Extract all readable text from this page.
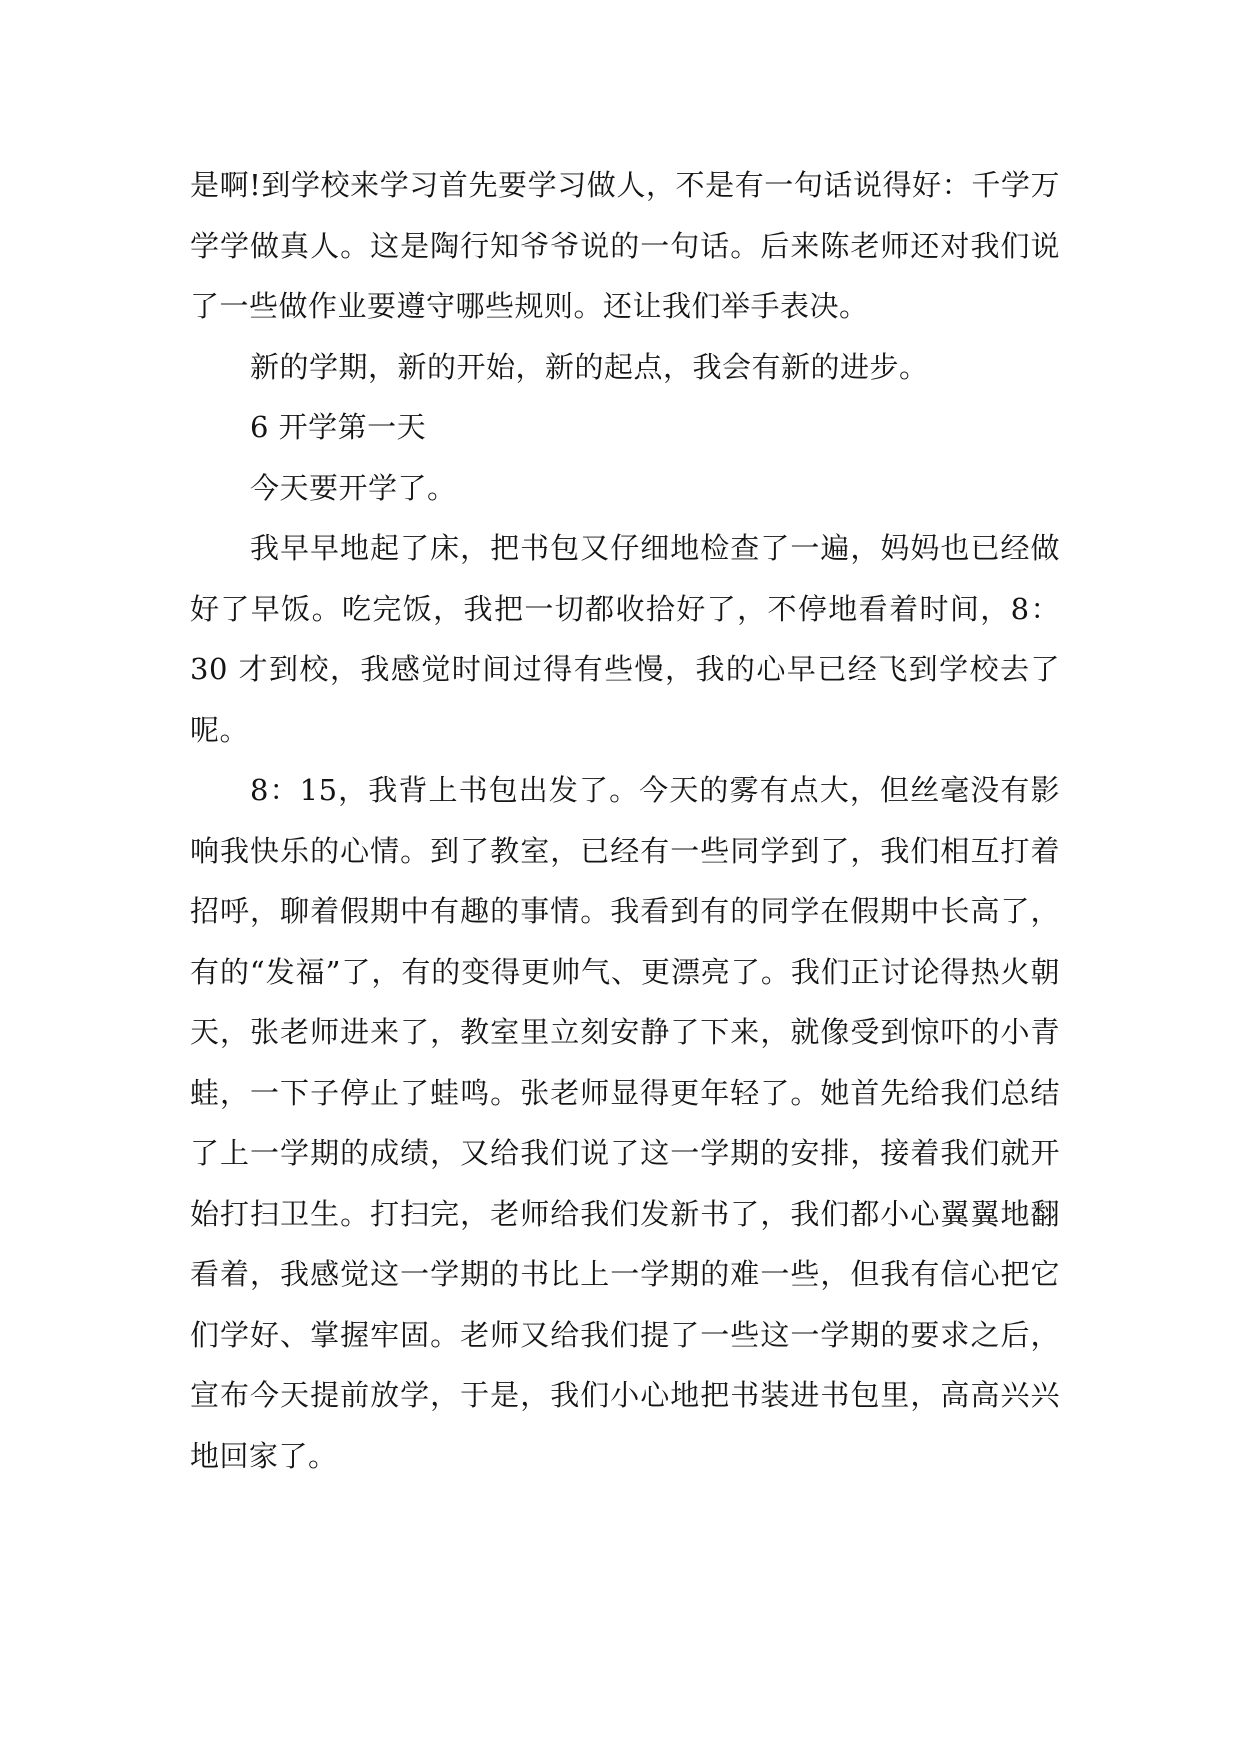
是啊!到学校来学习首先要学习做人，不是有一句话说得好：千学万学学做真人。这是陶行知爷爷说的一句话。后来陈老师还对我们说了一些做作业要遵守哪些规则。还让我们举手表决。

新的学期，新的开始，新的起点，我会有新的进步。

6 开学第一天

今天要开学了。

我早早地起了床，把书包又仔细地检查了一遍，妈妈也已经做好了早饭。吃完饭，我把一切都收拾好了，不停地看着时间，8：30 才到校，我感觉时间过得有些慢，我的心早已经飞到学校去了呢。

8：15，我背上书包出发了。今天的雾有点大，但丝毫没有影响我快乐的心情。到了教室，已经有一些同学到了，我们相互打着招呼，聊着假期中有趣的事情。我看到有的同学在假期中长高了，有的“发福”了，有的变得更帅气、更漂亮了。我们正讨论得热火朝天，张老师进来了，教室里立刻安静了下来，就像受到惊吓的小青蛙，一下子停止了蛙鸣。张老师显得更年轻了。她首先给我们总结了上一学期的成绩，又给我们说了这一学期的安排，接着我们就开始打扫卫生。打扫完，老师给我们发新书了，我们都小心翼翼地翻看着，我感觉这一学期的书比上一学期的难一些，但我有信心把它们学好、掌握牢固。老师又给我们提了一些这一学期的要求之后，宣布今天提前放学，于是，我们小心地把书装进书包里，高高兴兴地回家了。
